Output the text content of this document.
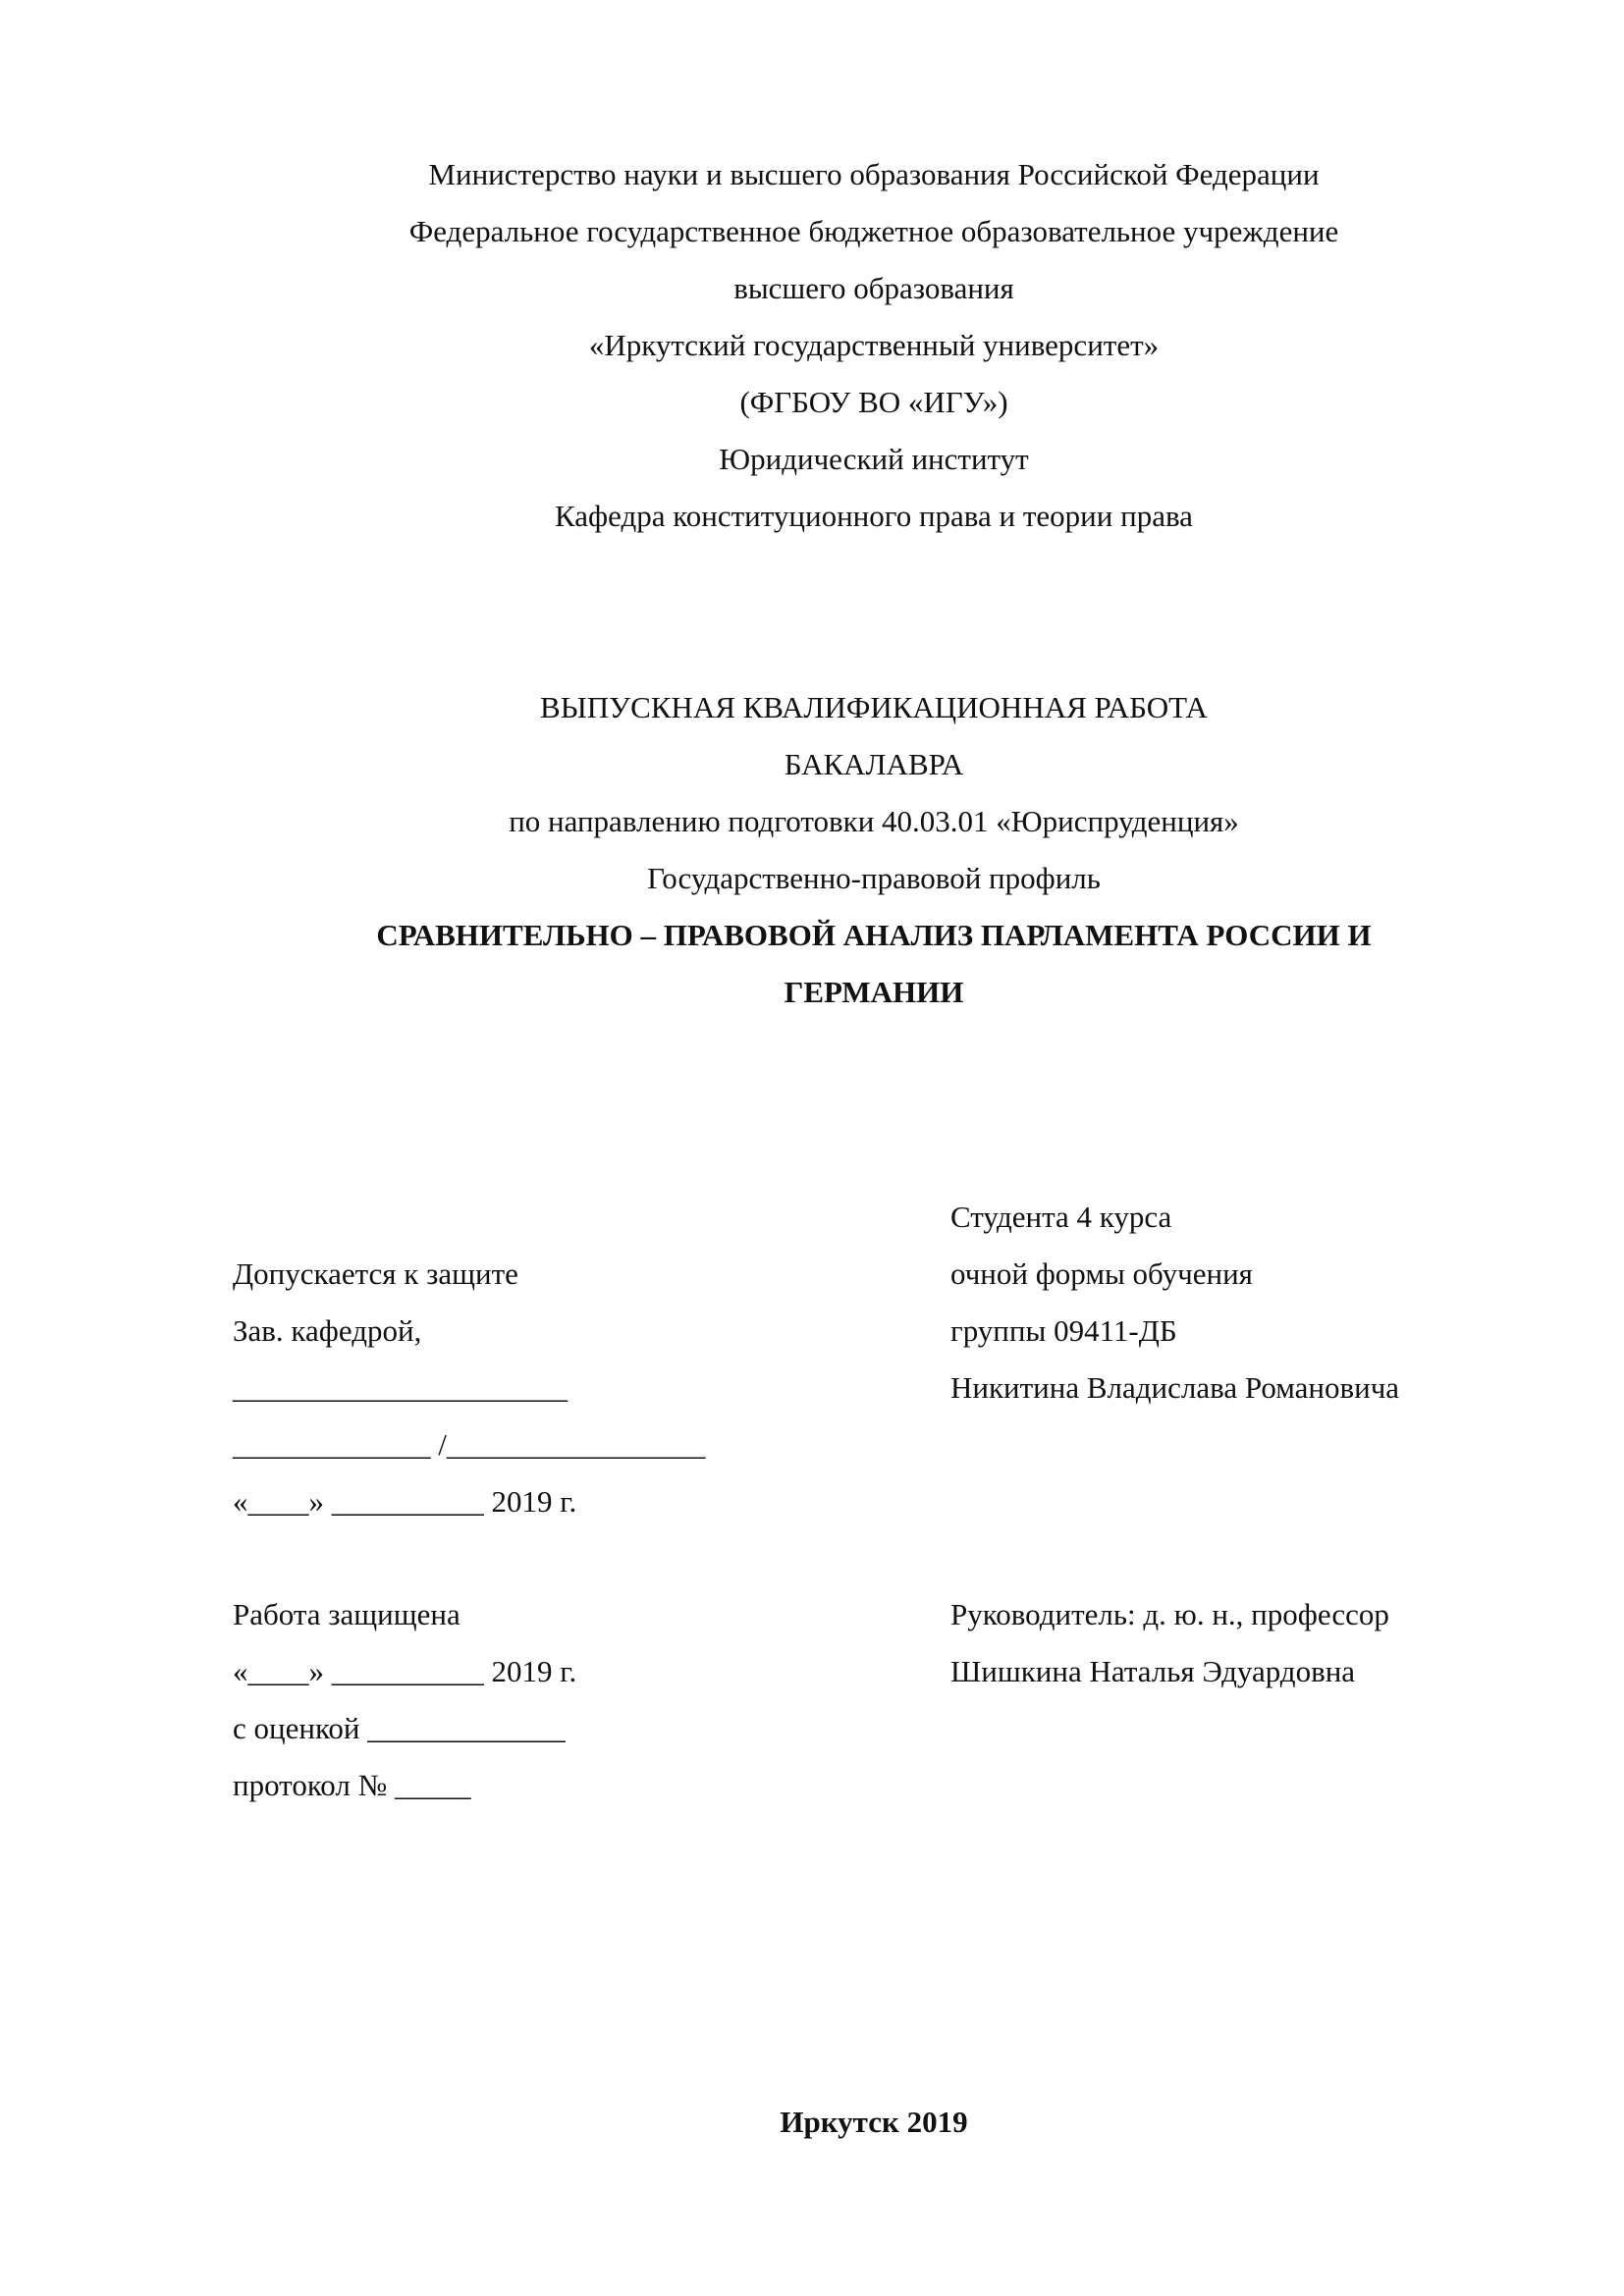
Министерство науки и высшего образования Российской Федерации
Федеральное государственное бюджетное образовательное учреждение
высшего образования
«Иркутский государственный университет»
(ФГБОУ ВО «ИГУ»)
Юридический институт
Кафедра конституционного права и теории права
ВЫПУСКНАЯ КВАЛИФИКАЦИОННАЯ РАБОТА
БАКАЛАВРА
по направлению подготовки 40.03.01 «Юриспруденция»
Государственно-правовой профиль
СРАВНИТЕЛЬНО – ПРАВОВОЙ АНАЛИЗ ПАРЛАМЕНТА РОССИИ И
ГЕРМАНИИ
Студента 4 курса
очной формы обучения
группы 09411-ДБ
Никитина Владислава Романовича
Допускается к защите
Зав. кафедрой,
______________________
_____________ /_________________
«____» __________ 2019 г.
Работа защищена
«____» __________ 2019 г.
с оценкой _____________
протокол № _____
Руководитель: д. ю. н., профессор
Шишкина Наталья Эдуардовна
Иркутск 2019
